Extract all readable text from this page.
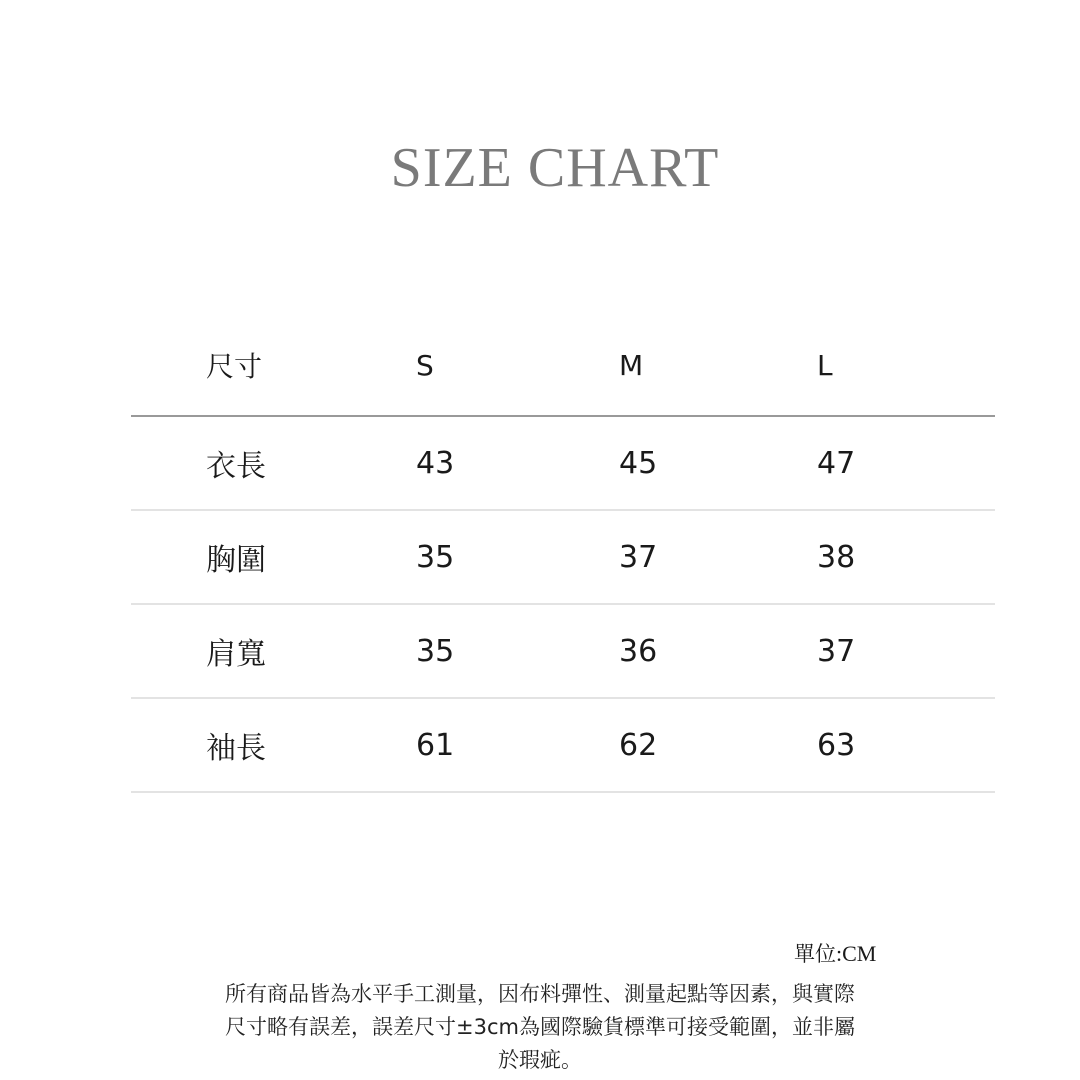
SIZE CHART
尺寸	S	M	L
衣長	43	45	47
胸圍	35	37	38
肩寬	35	36	37
袖長	61	62	63
單位:CM
所有商品皆為水平手工測量，因布料彈性、測量起點等因素，與實際
尺寸略有誤差，誤差尺寸±3cm為國際驗貨標準可接受範圍，並非屬
於瑕疵。
